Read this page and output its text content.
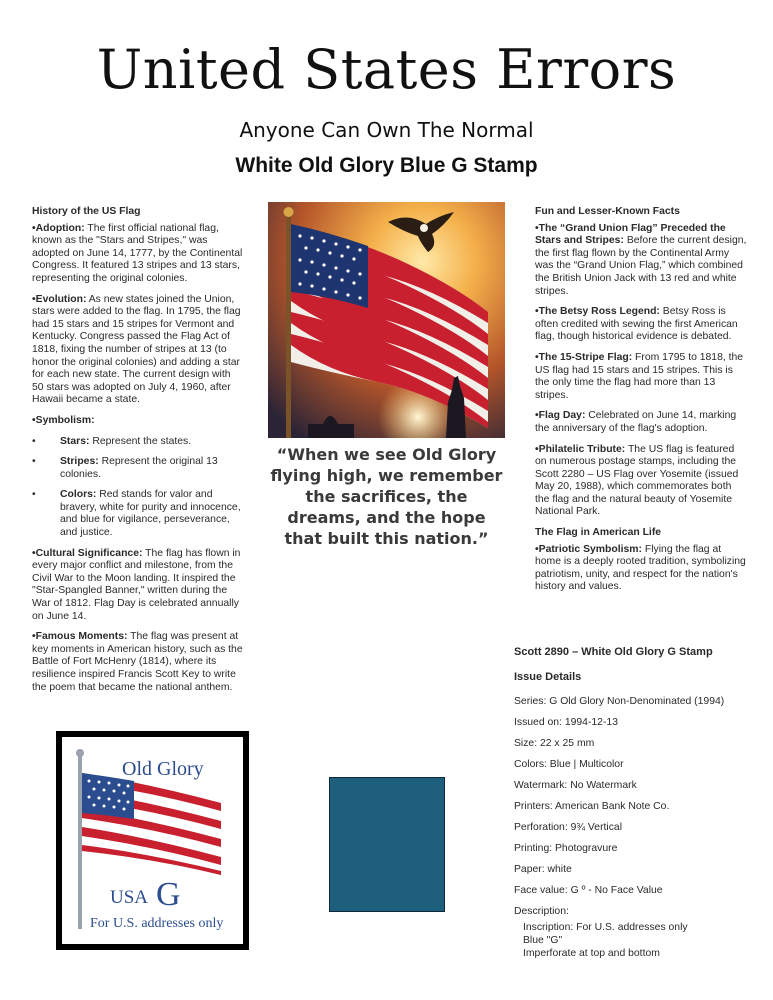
United States Errors
Anyone Can Own The Normal
White Old Glory Blue G Stamp
History of the US Flag

•Adoption: The first official national flag, known as the "Stars and Stripes," was adopted on June 14, 1777, by the Continental Congress. It featured 13 stripes and 13 stars, representing the original colonies.

•Evolution: As new states joined the Union, stars were added to the flag. In 1795, the flag had 15 stars and 15 stripes for Vermont and Kentucky. Congress passed the Flag Act of 1818, fixing the number of stripes at 13 (to honor the original colonies) and adding a star for each new state. The current design with 50 stars was adopted on July 4, 1960, after Hawaii became a state.

•Symbolism:

• Stars: Represent the states.
• Stripes: Represent the original 13 colonies.
• Colors: Red stands for valor and bravery, white for purity and innocence, and blue for vigilance, perseverance, and justice.

•Cultural Significance: The flag has flown in every major conflict and milestone, from the Civil War to the Moon landing. It inspired the "Star-Spangled Banner," written during the War of 1812. Flag Day is celebrated annually on June 14.

•Famous Moments: The flag was present at key moments in American history, such as the Battle of Fort McHenry (1814), where its resilience inspired Francis Scott Key to write the poem that became the national anthem.

“When we see Old Glory flying high, we remember the sacrifices, the dreams, and the hope that built this nation.”
Fun and Lesser-Known Facts

•The “Grand Union Flag” Preceded the Stars and Stripes: Before the current design, the first flag flown by the Continental Army was the “Grand Union Flag,” which combined the British Union Jack with 13 red and white stripes.

•The Betsy Ross Legend: Betsy Ross is often credited with sewing the first American flag, though historical evidence is debated.

•The 15-Stripe Flag: From 1795 to 1818, the US flag had 15 stars and 15 stripes. This is the only time the flag had more than 13 stripes.

•Flag Day: Celebrated on June 14, marking the anniversary of the flag's adoption.

•Philatelic Tribute: The US flag is featured on numerous postage stamps, including the Scott 2280 – US Flag over Yosemite (issued May 20, 1988), which commemorates both the flag and the natural beauty of Yosemite National Park.

The Flag in American Life

•Patriotic Symbolism: Flying the flag at home is a deeply rooted tradition, symbolizing patriotism, unity, and respect for the nation's history and values.

Scott 2890 – White Old Glory G Stamp
Issue Details
Series: G Old Glory Non-Denominated (1994)
Issued on: 1994-12-13
Size: 22 x 25 mm
Colors: Blue | Multicolor
Watermark: No Watermark
Printers: American Bank Note Co.
Perforation: 9¾ Vertical
Printing: Photogravure
Paper: white
Face value: G º - No Face Value
Description:
Inscription: For U.S. addresses only
Blue "G"
Imperforate at top and bottom
Old Glory
USA G
For U.S. addresses only
